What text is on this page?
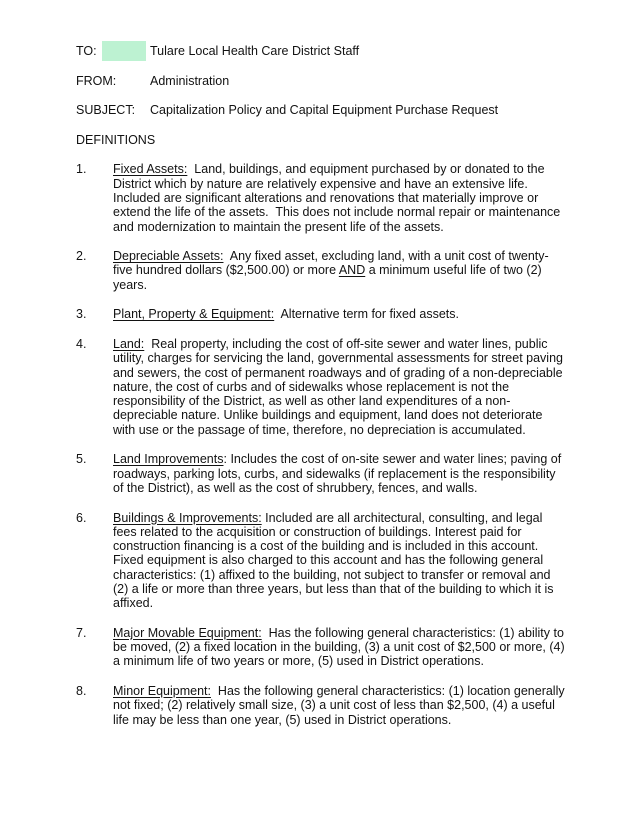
TO:	Tulare Local Health Care District Staff
FROM:	Administration
SUBJECT: Capitalization Policy and Capital Equipment Purchase Request
DEFINITIONS
1.	Fixed Assets:  Land, buildings, and equipment purchased by or donated to the District which by nature are relatively expensive and have an extensive life.  Included are significant alterations and renovations that materially improve or extend the life of the assets.  This does not include normal repair or maintenance and modernization to maintain the present life of the assets.
2.	Depreciable Assets:  Any fixed asset, excluding land, with a unit cost of twenty-five hundred dollars ($2,500.00) or more AND a minimum useful life of two (2) years.
3.	Plant, Property & Equipment:  Alternative term for fixed assets.
4.	Land:  Real property, including the cost of off-site sewer and water lines, public utility, charges for servicing the land, governmental assessments for street paving and sewers, the cost of permanent roadways and of grading of a non-depreciable nature, the cost of curbs and of sidewalks whose replacement is not the responsibility of the District, as well as other land expenditures of a non-depreciable nature. Unlike buildings and equipment, land does not deteriorate with use or the passage of time, therefore, no depreciation is accumulated.
5.	Land Improvements: Includes the cost of on-site sewer and water lines; paving of roadways, parking lots, curbs, and sidewalks (if replacement is the responsibility of the District), as well as the cost of shrubbery, fences, and walls.
6.	Buildings & Improvements: Included are all architectural, consulting, and legal fees related to the acquisition or construction of buildings. Interest paid for construction financing is a cost of the building and is included in this account. Fixed equipment is also charged to this account and has the following general characteristics: (1) affixed to the building, not subject to transfer or removal and (2) a life or more than three years, but less than that of the building to which it is affixed.
7.	Major Movable Equipment:  Has the following general characteristics: (1) ability to be moved, (2) a fixed location in the building, (3) a unit cost of $2,500 or more, (4) a minimum life of two years or more, (5) used in District operations.
8.	Minor Equipment:  Has the following general characteristics: (1) location generally not fixed; (2) relatively small size, (3) a unit cost of less than $2,500, (4) a useful life may be less than one year, (5) used in District operations.
